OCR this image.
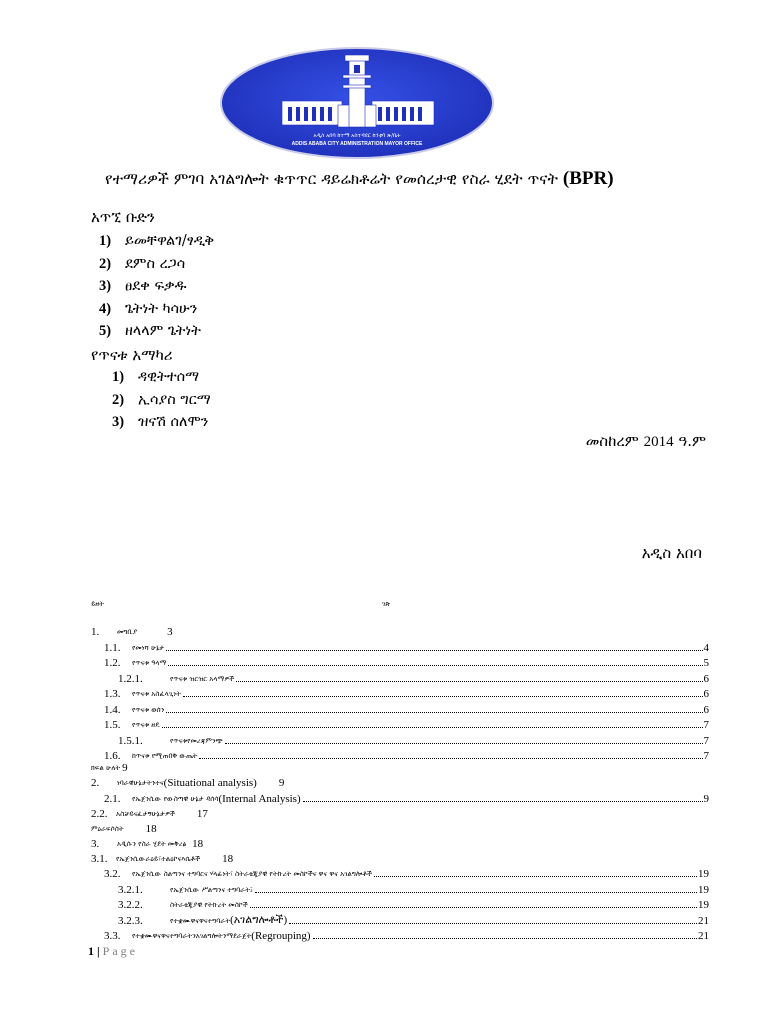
አዲስ አበባ ከተማ አስተዳደር ከንቲባ ጽ/ቤት
ADDIS ABABA CITY ADMINISTRATION MAYOR OFFICE
የተማሪዎች ምገባ አገልግሎት ቁጥጥር ዳይሬክቶሬት የመሰረታዊ የስራ ሂደት ጥናት (BPR)
አጥኚ ቡድን
1) ይመቸዋልገ/ፃዲቅ
2) ደምስ ረጋሳ
3) ፀደቀ ፍቃዱ
4) ጌትነት ካሳሁን
5) ዘላላም ጌትነት
የጥናቱ አማካሪ
1) ዳዊትተሰማ
2) ኢሳያስ ግርማ
3) ዝናሽ ሰለሞን
መስከረም 2014 ዓ.ም
አዲስ አበባ
ይዘት	ገጽ
1.	መግቢያ	3
1.1.	የመነሻ ሁኔታ	4
1.2.	የጥናቱ ዓላማ	5
1.2.1.	የጥናቱ ዝርዝር አላማዎች	6
1.3.	የጥናቱ አስፈላጊነት	6
1.4.	የጥናቱ ወሰን	6
1.5.	የጥናቱ ዘዴ	7
1.5.1.	የጥናቱየመረጃምንጭ	7
1.6.	ከጥናቱ የሚጠበቅ ውጤት	7
ክፍል ሁለት 9
2.	ነባራዊሁኔታትንተና (Situational analysis) 9
2.1.	የኤጀንሲው የውስጣዊ ሁኔታ ዳሰሳ (Internal Analysis)	9
2.2.	አስቻይናፈታኝሁኔታዎች 17
ምዕራፍሶስት 18
3.	አዲሱን የስራ ሂደት መቅረፅ 18
3.1.	የኤጀንሲውራዕይ፣ተልዕኮናእሴቶች 18
3.2.	የኤጀንሲው ስልጣንና ተግባርና ሃላፊነት፣ ስትራቴጂያዊ የትኩረት መስኮችና ዋና ዋና አገልግሎቶች	19
3.2.1.	የኤጀንሲው ሥልጣንና ተግባራት፤	19
3.2.2.	ስትራቴጂያዊ የትኩረት መስኮች	19
3.2.3.	የተቋሙዋናዋናተግባራት (አገልግሎቶች)	21
3.3.	የተቋሙዋናዋናተግባራትንአገልግሎትንማደራጀት (Regrouping)	21
1 | Page
